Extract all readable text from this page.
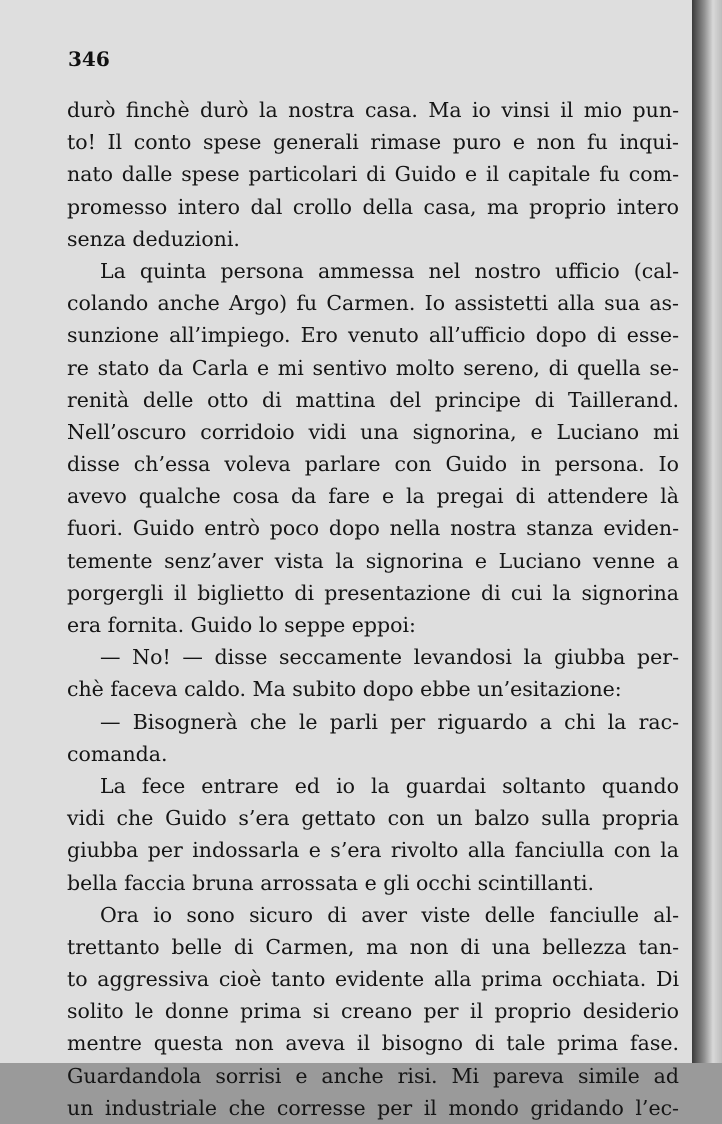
346
durò finchè durò la nostra casa. Ma io vinsi il mio pun-
to! Il conto spese generali rimase puro e non fu inqui-
nato dalle spese particolari di Guido e il capitale fu com-
promesso intero dal crollo della casa, ma proprio intero
senza deduzioni.
La quinta persona ammessa nel nostro ufficio (cal-
colando anche Argo) fu Carmen. Io assistetti alla sua as-
sunzione all’impiego. Ero venuto all’ufficio dopo di esse-
re stato da Carla e mi sentivo molto sereno, di quella se-
renità delle otto di mattina del principe di Taillerand.
Nell’oscuro corridoio vidi una signorina, e Luciano mi
disse ch’essa voleva parlare con Guido in persona. Io
avevo qualche cosa da fare e la pregai di attendere là
fuori. Guido entrò poco dopo nella nostra stanza eviden-
temente senz’aver vista la signorina e Luciano venne a
porgergli il biglietto di presentazione di cui la signorina
era fornita. Guido lo seppe eppoi:
— No! — disse seccamente levandosi la giubba per-
chè faceva caldo. Ma subito dopo ebbe un’esitazione:
— Bisognerà che le parli per riguardo a chi la rac-
comanda.
La fece entrare ed io la guardai soltanto quando
vidi che Guido s’era gettato con un balzo sulla propria
giubba per indossarla e s’era rivolto alla fanciulla con la
bella faccia bruna arrossata e gli occhi scintillanti.
Ora io sono sicuro di aver viste delle fanciulle al-
trettanto belle di Carmen, ma non di una bellezza tan-
to aggressiva cioè tanto evidente alla prima occhiata. Di
solito le donne prima si creano per il proprio desiderio
mentre questa non aveva il bisogno di tale prima fase.
Guardandola sorrisi e anche risi. Mi pareva simile ad
un industriale che corresse per il mondo gridando l’ec-
